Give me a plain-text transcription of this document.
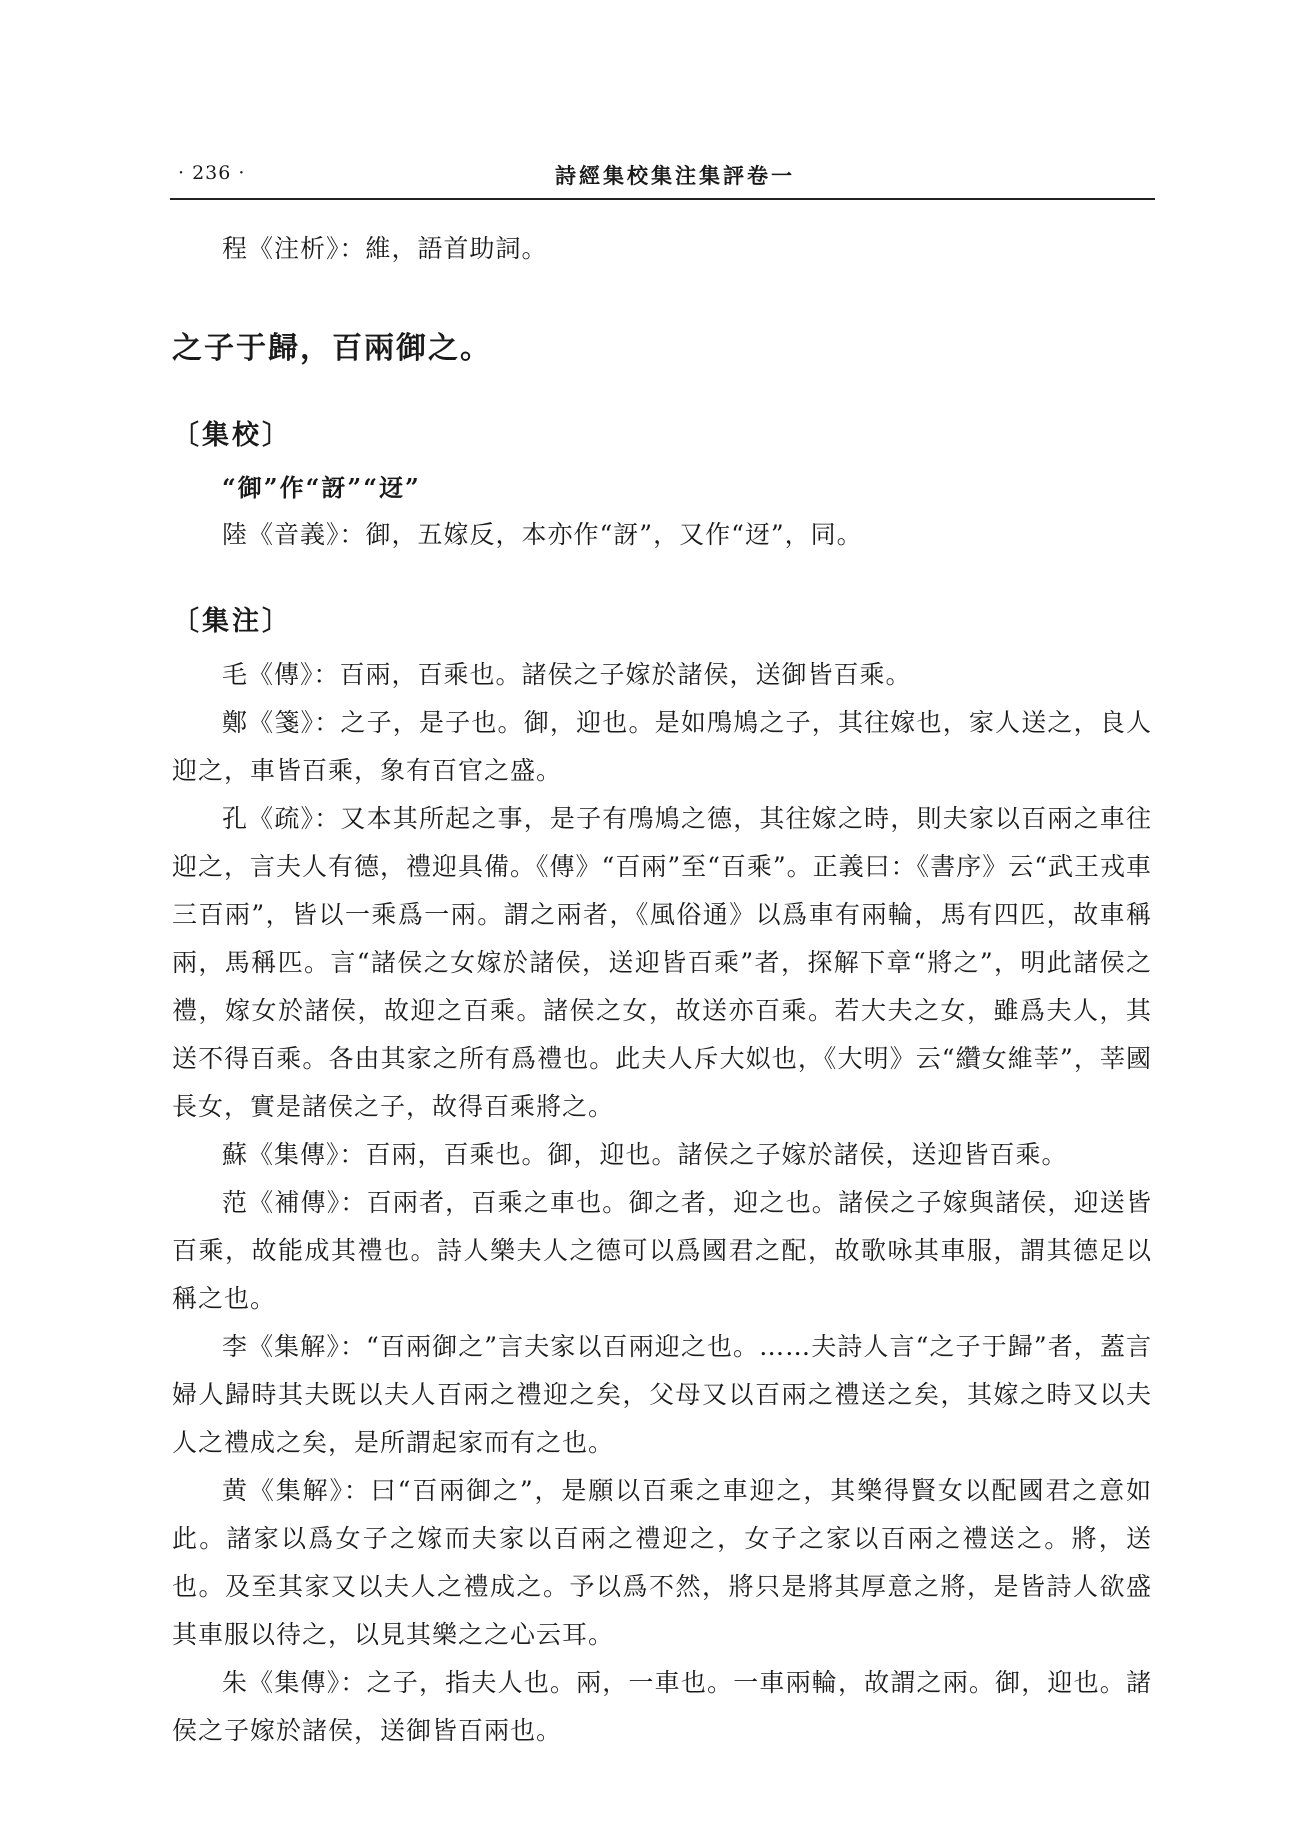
· 236 ·	詩經集校集注集評卷一

程《注析》：維，語首助詞。

之子于歸，百兩御之。

〔集校〕

“御”作“訝”“迓”

陸《音義》：御，五嫁反，本亦作“訝”，又作“迓”，同。

〔集注〕

毛《傳》：百兩，百乘也。諸侯之子嫁於諸侯，送御皆百乘。

鄭《箋》：之子，是子也。御，迎也。是如鳲鳩之子，其往嫁也，家人送之，良人迎之，車皆百乘，象有百官之盛。

孔《疏》：又本其所起之事，是子有鳲鳩之德，其往嫁之時，則夫家以百兩之車往迎之，言夫人有德，禮迎具備。《傳》“百兩”至“百乘”。正義曰：《書序》云“武王戎車三百兩”，皆以一乘爲一兩。謂之兩者，《風俗通》以爲車有兩輪，馬有四匹，故車稱兩，馬稱匹。言“諸侯之女嫁於諸侯，送迎皆百乘”者，探解下章“將之”，明此諸侯之禮，嫁女於諸侯，故迎之百乘。諸侯之女，故送亦百乘。若大夫之女，雖爲夫人，其送不得百乘。各由其家之所有爲禮也。此夫人斥大姒也，《大明》云“纘女維莘”，莘國長女，實是諸侯之子，故得百乘將之。

蘇《集傳》：百兩，百乘也。御，迎也。諸侯之子嫁於諸侯，送迎皆百乘。

范《補傳》：百兩者，百乘之車也。御之者，迎之也。諸侯之子嫁與諸侯，迎送皆百乘，故能成其禮也。詩人樂夫人之德可以爲國君之配，故歌咏其車服，謂其德足以稱之也。

李《集解》：“百兩御之”言夫家以百兩迎之也。……夫詩人言“之子于歸”者，蓋言婦人歸時其夫既以夫人百兩之禮迎之矣，父母又以百兩之禮送之矣，其嫁之時又以夫人之禮成之矣，是所謂起家而有之也。

黄《集解》：曰“百兩御之”，是願以百乘之車迎之，其樂得賢女以配國君之意如此。諸家以爲女子之嫁而夫家以百兩之禮迎之，女子之家以百兩之禮送之。將，送也。及至其家又以夫人之禮成之。予以爲不然，將只是將其厚意之將，是皆詩人欲盛其車服以待之，以見其樂之之心云耳。

朱《集傳》：之子，指夫人也。兩，一車也。一車兩輪，故謂之兩。御，迎也。諸侯之子嫁於諸侯，送御皆百兩也。
